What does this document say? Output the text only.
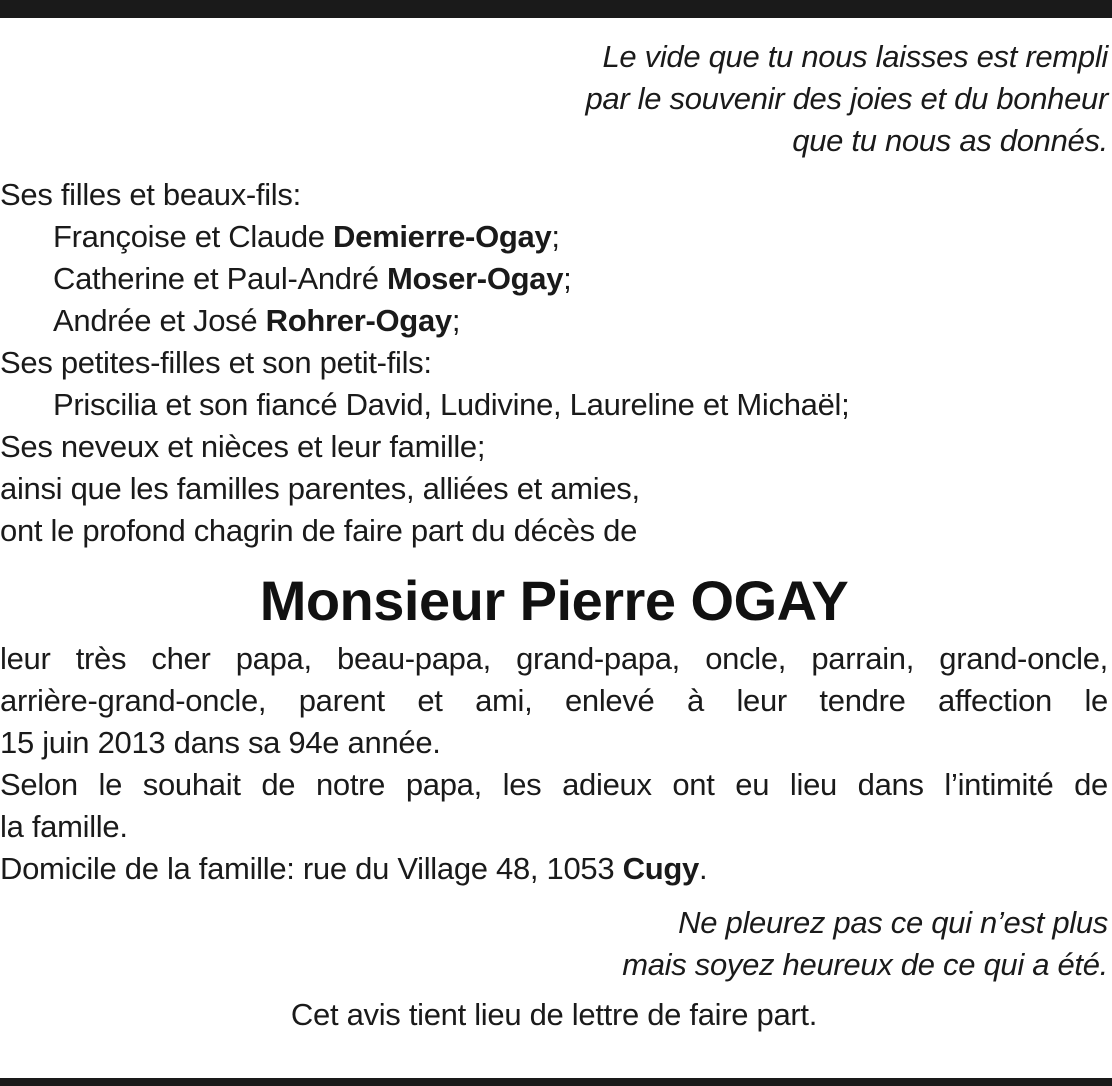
Le vide que tu nous laisses est rempli
par le souvenir des joies et du bonheur
que tu nous as donnés.
Ses filles et beaux-fils:
Françoise et Claude Demierre-Ogay;
Catherine et Paul-André Moser-Ogay;
Andrée et José Rohrer-Ogay;
Ses petites-filles et son petit-fils:
Priscilia et son fiancé David, Ludivine, Laureline et Michaël;
Ses neveux et nièces et leur famille;
ainsi que les familles parentes, alliées et amies,
ont le profond chagrin de faire part du décès de
Monsieur Pierre OGAY
leur très cher papa, beau-papa, grand-papa, oncle, parrain, grand-oncle,
arrière-grand-oncle, parent et ami, enlevé à leur tendre affection le
15 juin 2013 dans sa 94e année.
Selon le souhait de notre papa, les adieux ont eu lieu dans l’intimité de
la famille.
Domicile de la famille: rue du Village 48, 1053 Cugy.
Ne pleurez pas ce qui n’est plus
mais soyez heureux de ce qui a été.
Cet avis tient lieu de lettre de faire part.
